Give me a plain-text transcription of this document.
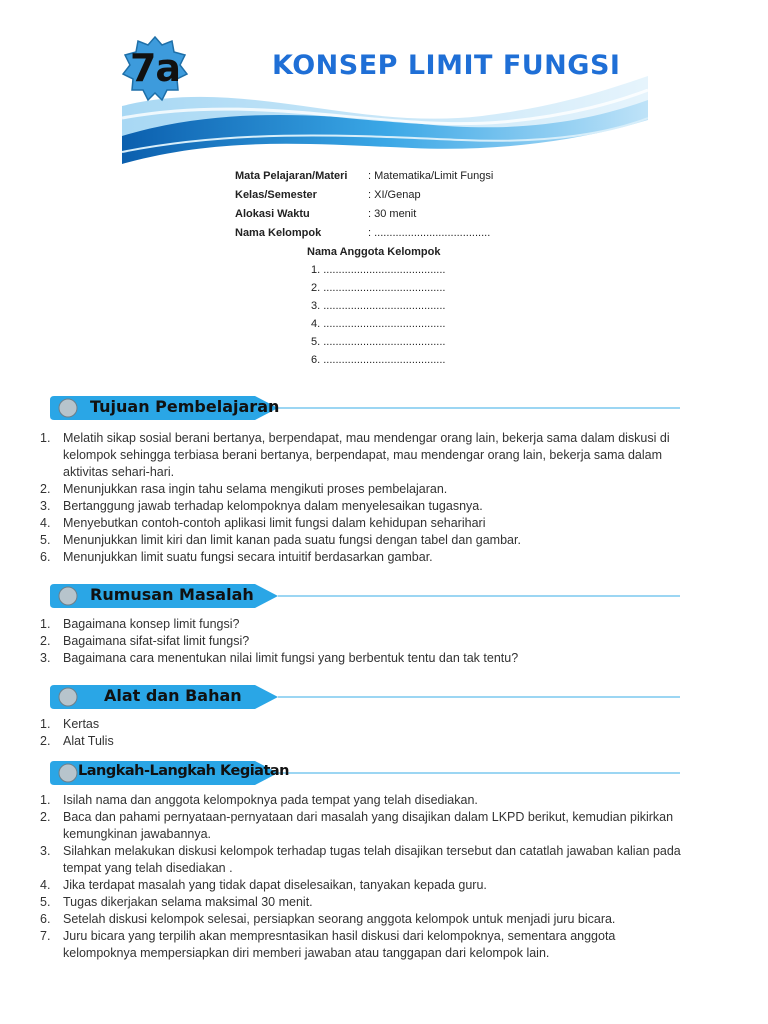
7a	KONSEP LIMIT FUNGSI
Mata Pelajaran/Materi	: Matematika/Limit Fungsi
Kelas/Semester	: XI/Genap
Alokasi Waktu	: 30 menit
Nama Kelompok	: ......................................
Nama Anggota Kelompok
1. ........................................
2. ........................................
3. ........................................
4. ........................................
5. ........................................
6. ........................................
Tujuan Pembelajaran
1.	Melatih sikap sosial berani bertanya, berpendapat, mau mendengar orang lain, bekerja sama dalam diskusi di kelompok sehingga terbiasa berani bertanya, berpendapat, mau mendengar orang lain, bekerja sama dalam aktivitas sehari-hari.
2.	Menunjukkan rasa ingin tahu selama mengikuti proses pembelajaran.
3.	Bertanggung jawab terhadap kelompoknya dalam menyelesaikan tugasnya.
4.	Menyebutkan contoh-contoh aplikasi limit fungsi dalam kehidupan seharihari
5.	Menunjukkan limit kiri dan limit kanan pada suatu fungsi dengan tabel dan gambar.
6.	Menunjukkan limit suatu fungsi secara intuitif berdasarkan gambar.
Rumusan Masalah
1.	Bagaimana konsep limit fungsi?
2.	Bagaimana sifat-sifat limit fungsi?
3.	Bagaimana cara menentukan nilai limit fungsi yang berbentuk tentu dan tak tentu?
Alat dan Bahan
1.	Kertas
2.	Alat Tulis
Langkah-Langkah Kegiatan
1.	Isilah nama dan anggota kelompoknya pada tempat yang telah disediakan.
2.	Baca dan pahami pernyataan-pernyataan dari masalah yang disajikan dalam LKPD berikut, kemudian pikirkan kemungkinan jawabannya.
3.	Silahkan melakukan diskusi kelompok terhadap tugas telah disajikan tersebut dan catatlah jawaban kalian pada tempat yang telah disediakan .
4.	Jika terdapat masalah yang tidak dapat diselesaikan, tanyakan kepada guru.
5.	Tugas dikerjakan selama maksimal 30 menit.
6.	Setelah diskusi kelompok selesai, persiapkan seorang anggota kelompok untuk menjadi juru bicara.
7.	Juru bicara yang terpilih akan mempresntasikan hasil diskusi dari kelompoknya, sementara anggota kelompoknya mempersiapkan diri memberi jawaban atau tanggapan dari kelompok lain.
